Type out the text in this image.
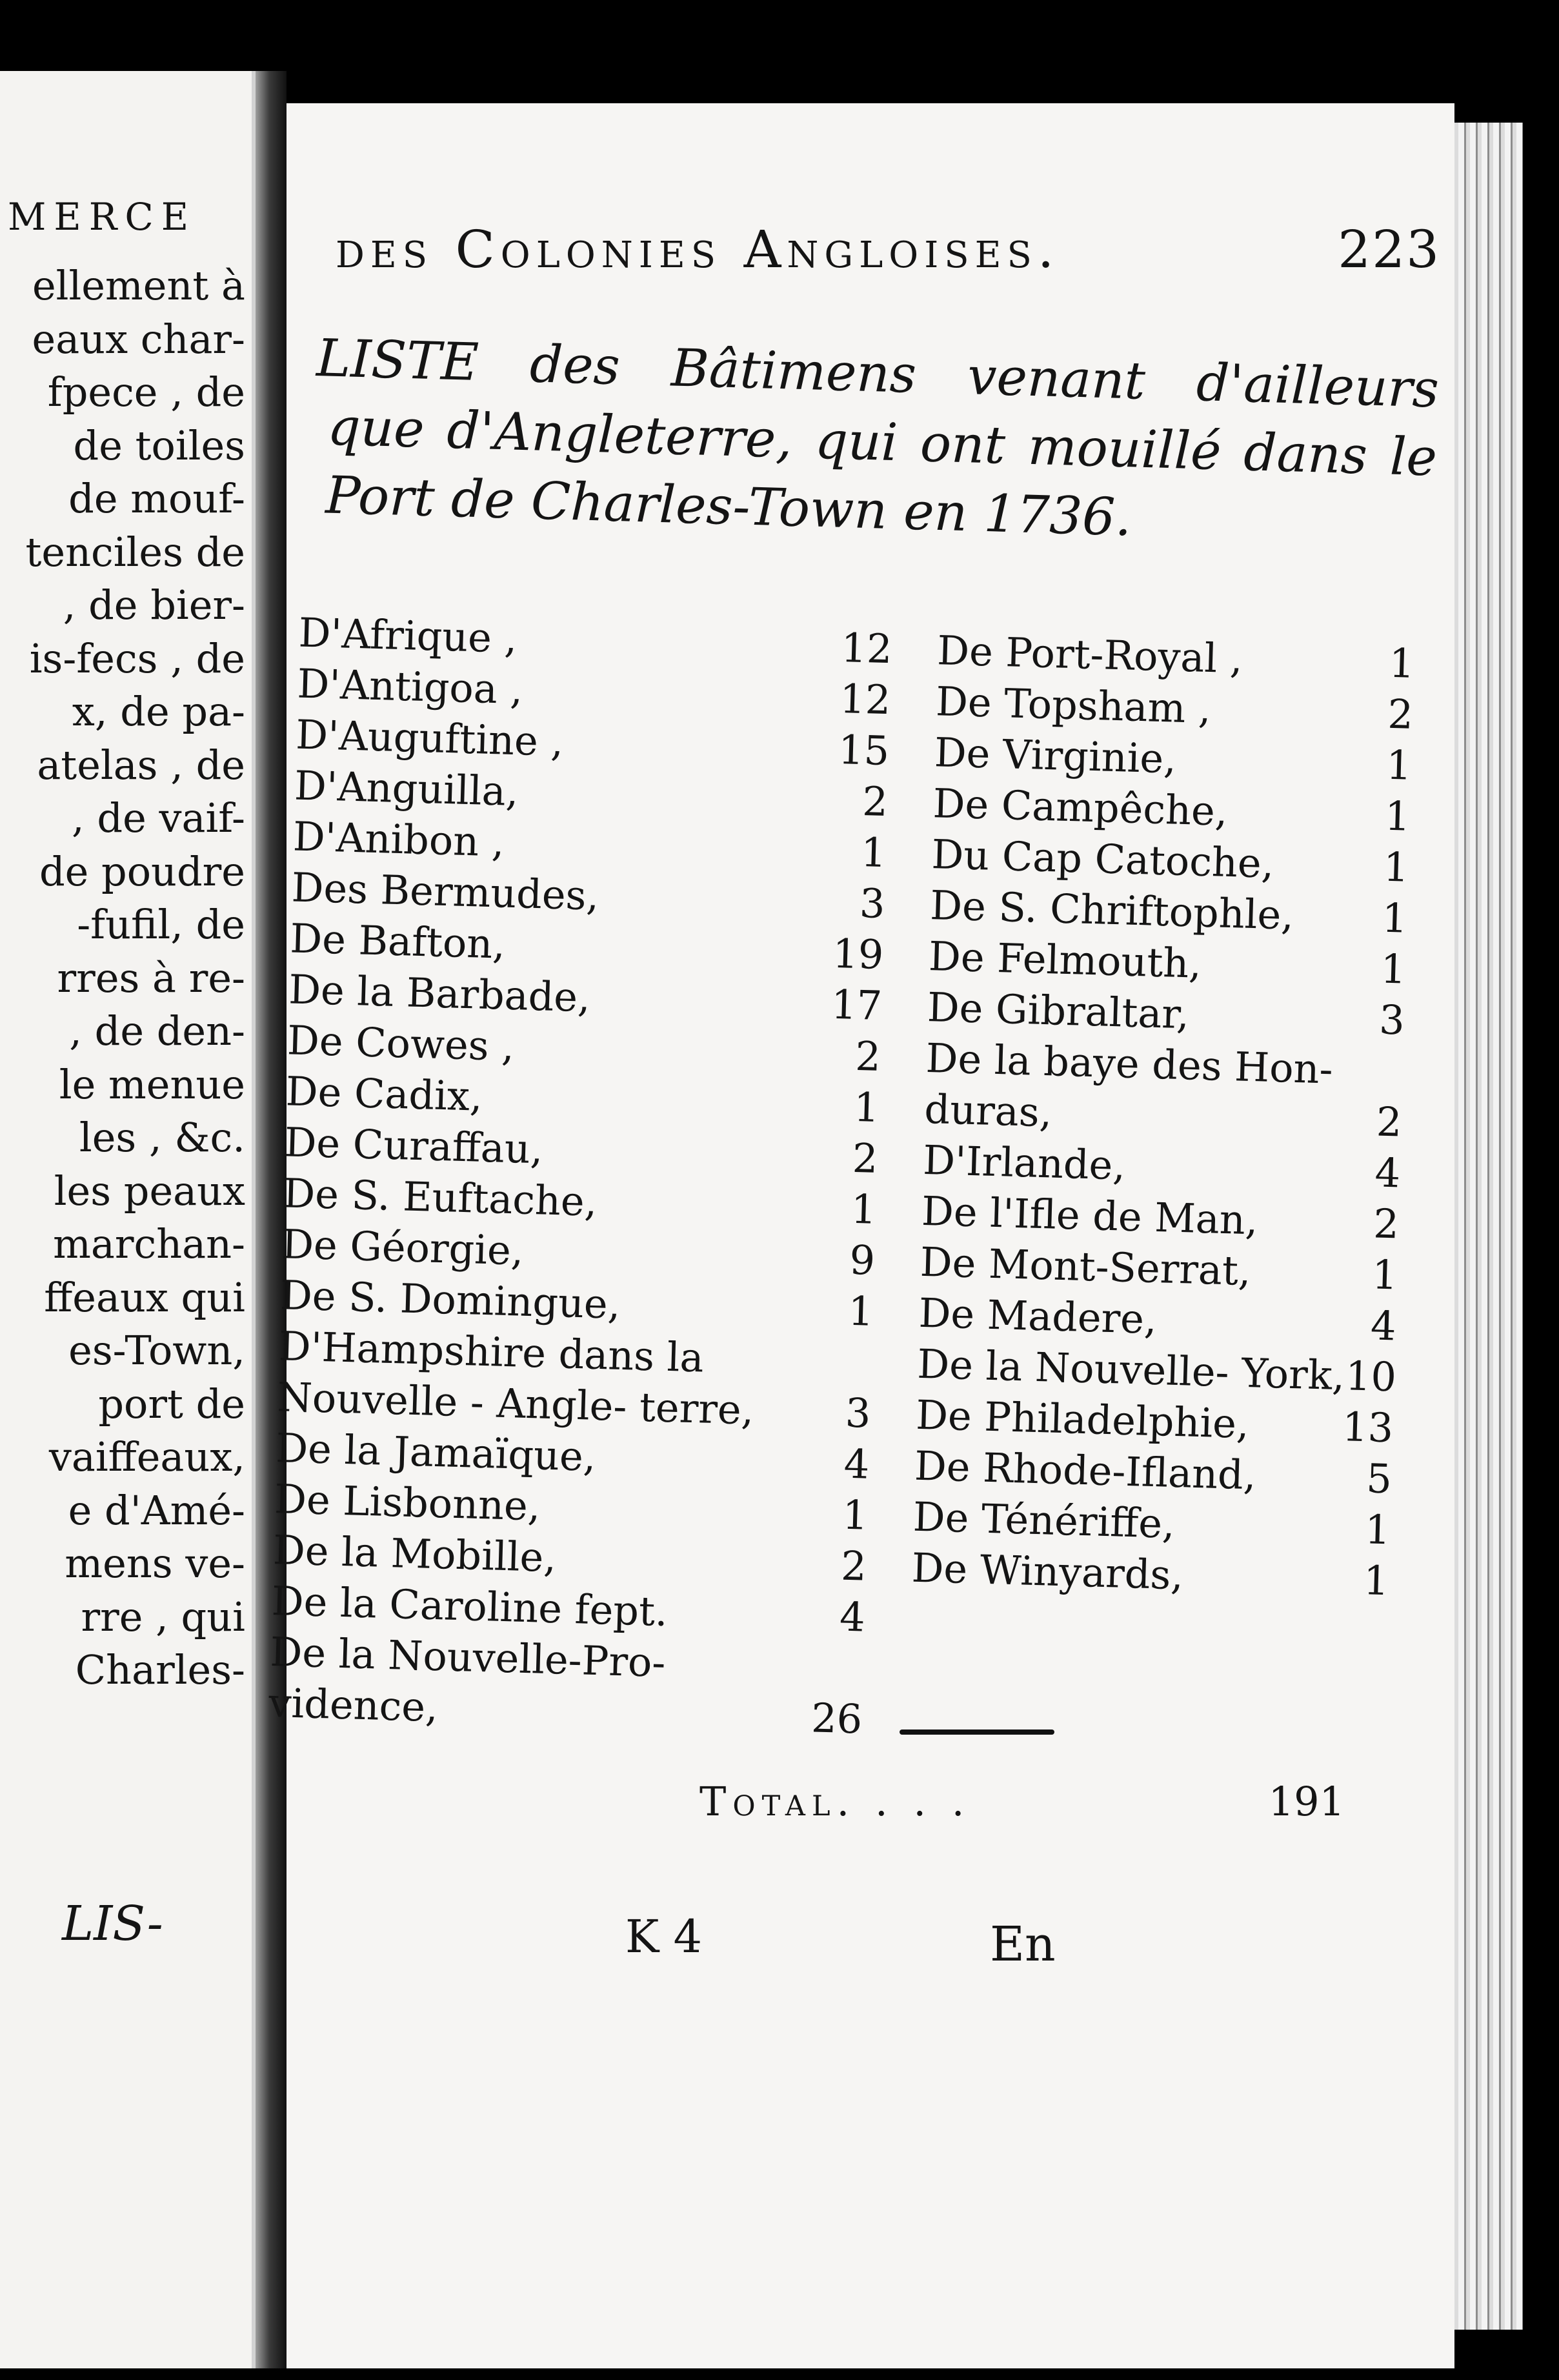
MERCE
ellement à
eaux char-
fpece , de
de toiles
de mouf-
tenciles de
, de bier-
is-fecs , de
x, de pa-
atelas , de
, de vaif-
de poudre
-fufil, de
rres à re-
, de den-
le menue
les , &c.
les peaux
marchan-
ffeaux qui
es-Town,
port de
vaiffeaux,
e d'Amé-
mens ve-
rre , qui
Charles-
LIS-
des Colonies Angloises.	223
LISTE des Bâtimens venant d'ailleurs
que d'Angleterre, qui ont mouillé dans le
Port de Charles-Town en 1736.
D'Afrique ,	12
D'Antigoa ,	12
D'Auguftine ,	15
D'Anguilla,	2
D'Anibon ,	1
Des Bermudes,	3
De Bafton,	19
De la Barbade,	17
De Cowes ,	2
De Cadix,	1
De Curaffau,	2
De S. Euftache,	1
De Géorgie,	9
De S. Domingue,	1
D'Hampshire dans la Nouvelle - Angle- terre,	3
De la Jamaïque,	4
De Lisbonne,	1
De la Mobille,	2
De la Caroline fept.	4
De la Nouvelle-Pro- vidence,	26
De Port-Royal ,	1
De Topsham ,	2
De Virginie,	1
De Campêche,	1
Du Cap Catoche,	1
De S. Chriftophle,	1
De Felmouth,	1
De Gibraltar,	3
De la baye des Hon- duras,	2
D'Irlande,	4
De l'Ifle de Man,	2
De Mont-Serrat,	1
De Madere,	4
De la Nouvelle- York, 10
De Philadelphie, 13
De Rhode-Ifland,	5
De Ténériffe,	1
De Winyards,	1
Total. . . .	191
K 4	En
